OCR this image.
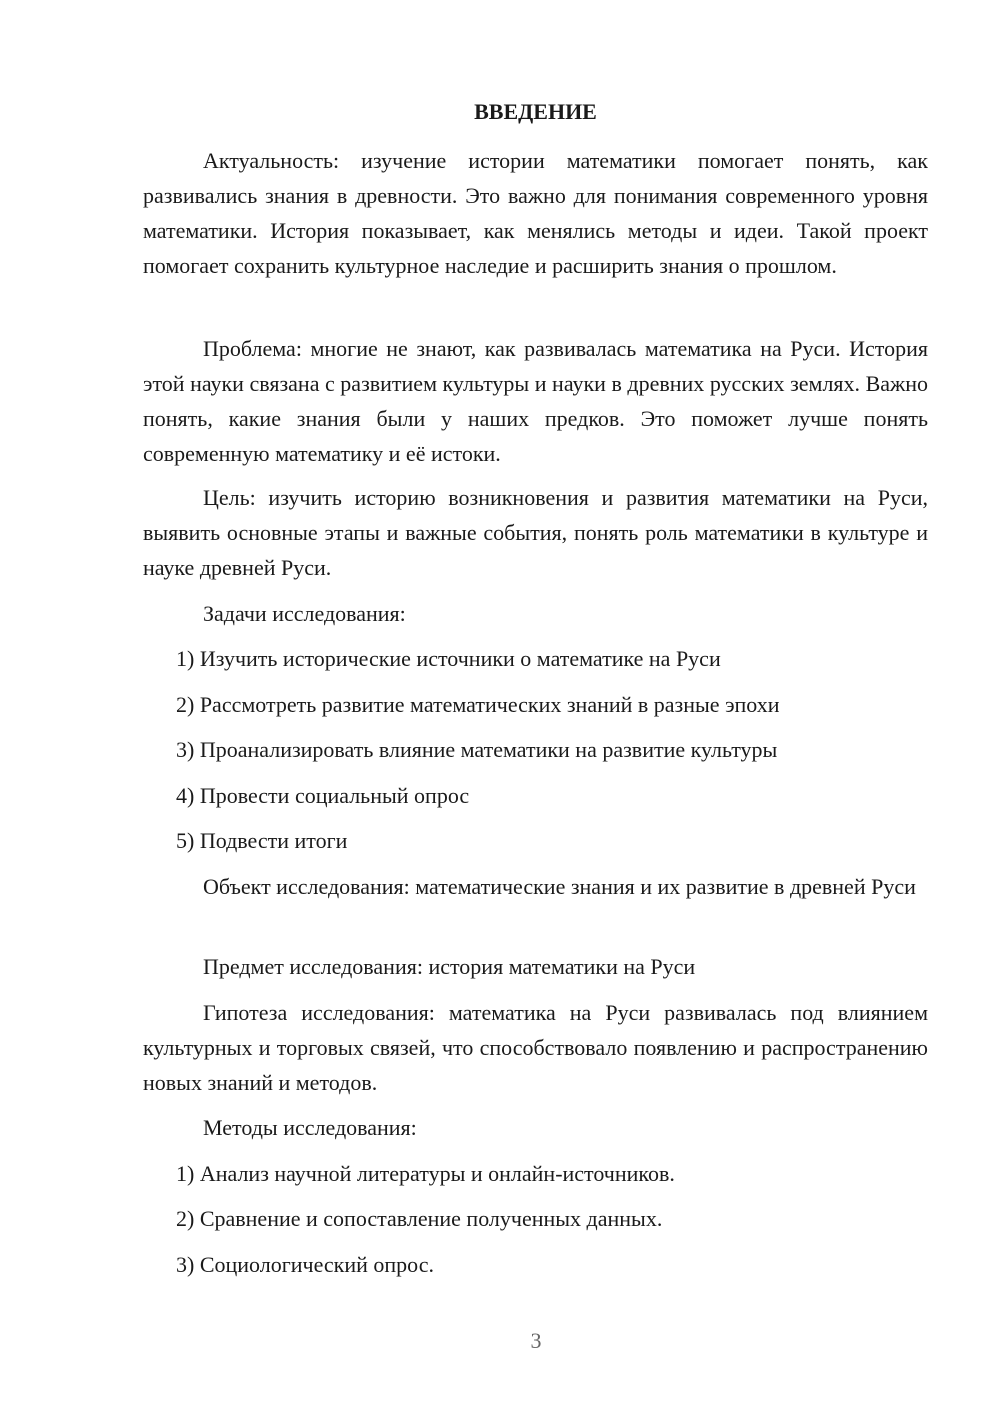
ВВЕДЕНИЕ

Актуальность: изучение истории математики помогает понять, как развивались знания в древности. Это важно для понимания современного уровня математики. История показывает, как менялись методы и идеи. Такой проект помогает сохранить культурное наследие и расширить знания о прошлом.

Проблема: многие не знают, как развивалась математика на Руси. История этой науки связана с развитием культуры и науки в древних русских землях. Важно понять, какие знания были у наших предков. Это поможет лучше понять современную математику и её истоки.

Цель: изучить историю возникновения и развития математики на Руси, выявить основные этапы и важные события, понять роль математики в культуре и науке древней Руси.

Задачи исследования:

1) Изучить исторические источники о математике на Руси

2) Рассмотреть развитие математических знаний в разные эпохи

3) Проанализировать влияние математики на развитие культуры

4) Провести социальный опрос

5) Подвести итоги

Объект исследования: математические знания и их развитие в древней Руси

Предмет исследования: история математики на Руси

Гипотеза исследования: математика на Руси развивалась под влиянием культурных и торговых связей, что способствовало появлению и распространению новых знаний и методов.

Методы исследования:

1) Анализ научной литературы и онлайн-источников.

2) Сравнение и сопоставление полученных данных.

3) Социологический опрос.

3
